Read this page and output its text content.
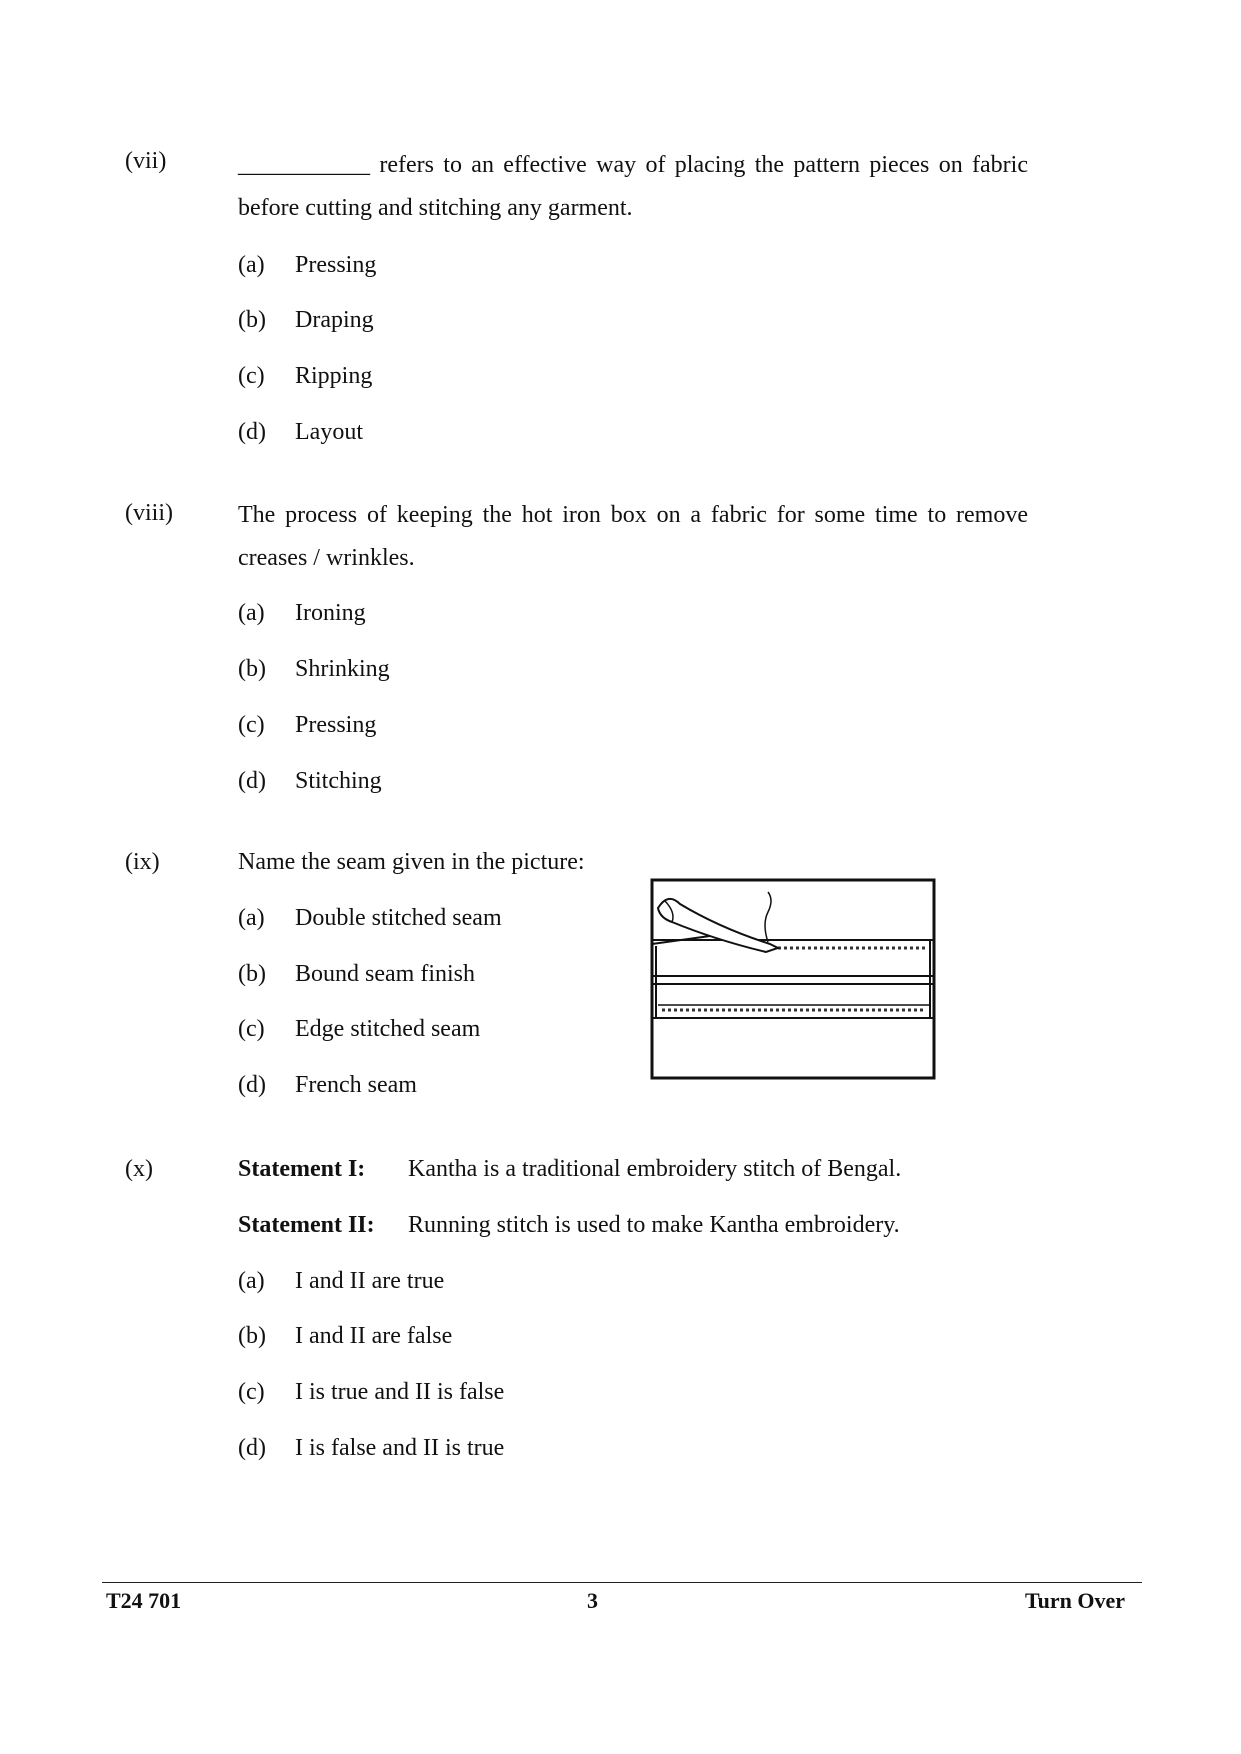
(vii)	___________ refers to an effective way of placing the pattern pieces on fabric before cutting and stitching any garment.
(a) Pressing
(b) Draping
(c) Ripping
(d) Layout
(viii)	The process of keeping the hot iron box on a fabric for some time to remove creases / wrinkles.
(a) Ironing
(b) Shrinking
(c) Pressing
(d) Stitching
(ix)	Name the seam given in the picture:
(a) Double stitched seam
(b) Bound seam finish
(c) Edge stitched seam
(d) French seam
(x)	Statement I: Kantha is a traditional embroidery stitch of Bengal.
Statement II: Running stitch is used to make Kantha embroidery.
(a) I and II are true
(b) I and II are false
(c) I is true and II is false
(d) I is false and II is true
T24 701	3	Turn Over
